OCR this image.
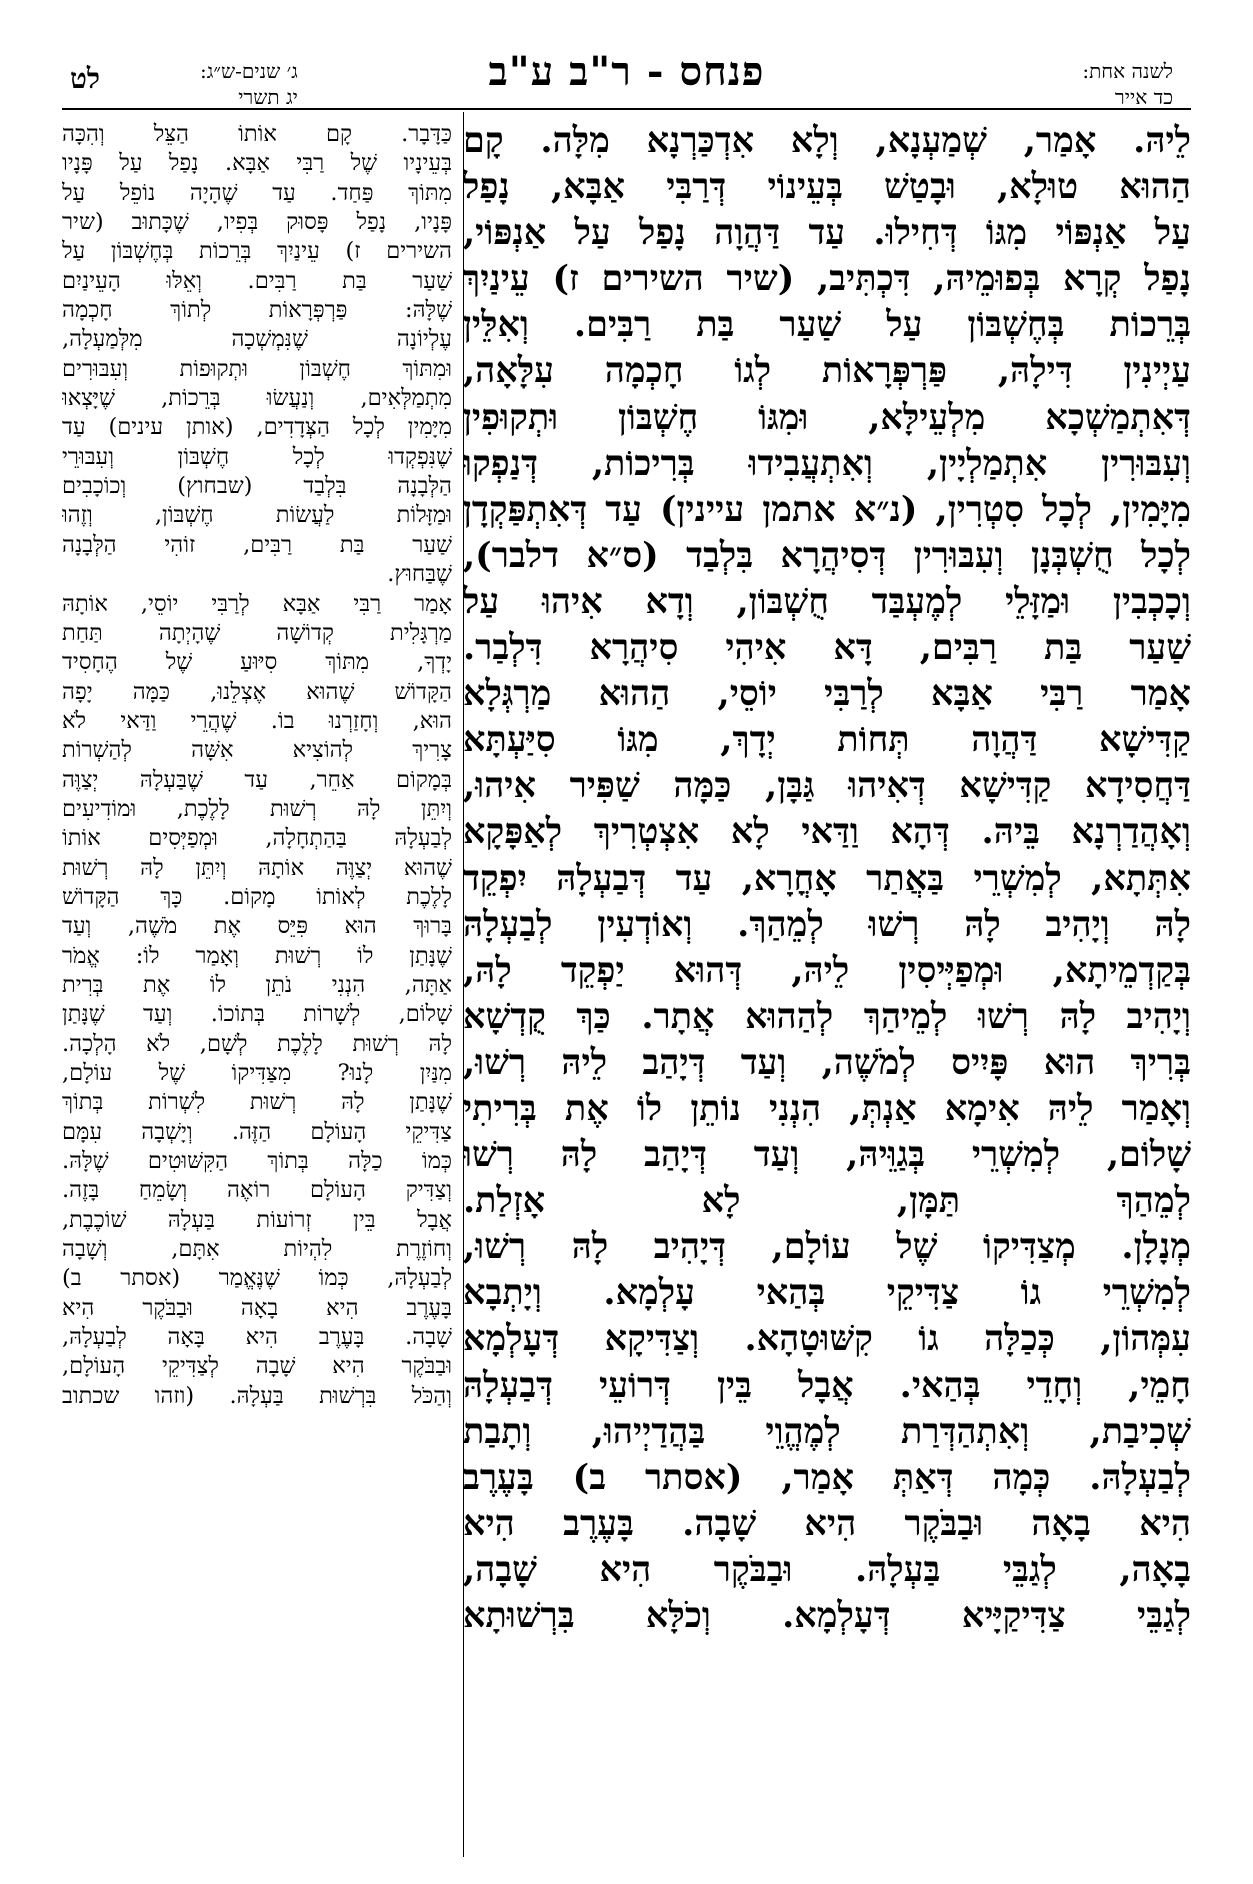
לשנה אחת:
כד אייר
פנחס - ר"ב ע"ב
ג׳ שנים-ש״ג:
יג תשרי
לט
לֵיהּ. אָמַר, שְׁמַעְנָא, וְלָא אִדְכַּרְנָא מִלָּה. קָם
הַהוּא טוּלָא, וּבָטַשׁ בְּעֵינוֹי דְּרַבִּי אַבָּא, נָפַל
עַל אַנְפּוֹי מִגּוֹ דְּחִילוּ. עַד דַּהֲוָה נָפַל עַל אַנְפּוֹי,
נָפַל קְרָא בְּפוּמֵיהּ, דִּכְתִּיב, (שיר השירים ז) עֵינַיִךְ
בְּרֵכוֹת בְּחֶשְׁבּוֹן עַל שַׁעַר בַּת רַבִּים. וְאִלֵּין
עַיְינִין דִּילָהּ, פַּרְפְּרָאוֹת לְגוֹ חָכְמָה עִלָּאָה,
דְּאִתְמַשְׁכָא מִלְעֵילָּא, וּמִגּוֹ חֶשְׁבּוֹן וּתְקוּפִין
וְעִבּוּרִין אִתְמַלְיָין, וְאִתְעֲבִידוּ בְּרִיכוֹת, דְּנַפְקוּ
מִיָּמִין, לְכָל סִטְרִין, (נ״א אתמן עיינין) עַד דְּאִתְפַּקְדָן
לְכָל חֻשְׁבְּנָן וְעִבּוּרִין דְּסִיהֲרָא בִּלְבַד (ס״א דלבר),
וְכָכְבִין וּמַזָּלֵי לְמֶעְבַּד חֻשְׁבּוֹן, וְדָא אִיהוּ עַל
שַׁעַר בַּת רַבִּים, דָּא אִיהִי סִיהֲרָא דִּלְבַר.
אָמַר רַבִּי אַבָּא לְרַבִּי יוֹסֵי, הַהוּא מַרְגְּלָא
קַדִּישָׁא דַּהֲוָה תְּחוֹת יְדָךְ, מִגּוֹ סִיַּעְתָּא
דַּחֲסִידָא קַדִּישָׁא דְּאִיהוּ גַּבָּן, כַּמָּה שַׁפִּיר אִיהוּ,
וְאָהֲדַרְנָא בֵּיהּ. דְּהָא וַדַּאי לָא אִצְטְרִיךְ לְאַפָּקָא
אִתְּתָא, לְמִשְׁרֵי בַּאֲתַר אָחֳרָא, עַד דְּבַעְלָהּ יִפְקֵד
לָהּ וְיָהִיב לָהּ רְשׁוּ לְמֵהַךְ. וְאוֹדְעִין לְבַעְלָהּ
בְּקַדְמֵיתָא, וּמְפַיְּיסִין לֵיהּ, דְּהוּא יַפְקֵד לָהּ,
וְיָהִיב לָהּ רְשׁוּ לְמֵיהַךְ לְהַהוּא אֲתָר. כַּךְ קֻדְשָׁא
בְּרִיךְ הוּא פָּיִיס לְמֹשֶׁה, וְעַד דְּיָהַב לֵיהּ רְשׁוּ,
וְאָמַר לֵיהּ אִימָא אַנְתְּ, הִנְנִי נוֹתֵן לוֹ אֶת בְּרִיתִי
שָׁלוֹם, לְמִשְׁרֵי בְּגַוֵּיהּ, וְעַד דְּיָהַב לָהּ רְשׁוּ
לְמֵהַךְ תַּמָּן, לָא אָזְלַת.
מְנָלָן. מְצַדִּיקוֹ שֶׁל עוֹלָם, דְּיָהִיב לָהּ רְשׁוּ,
לְמִשְׁרֵי גוֹ צַדִּיקֵי בְּהַאי עָלְמָא. וְיָתְבָא
עִמְּהוֹן, כְּכַלָּה גוֹ קִשּׁוּטָהָא. וְצַדִּיקָא דְּעָלְמָא
חָמֵי, וְחָדֵי בְּהַאי. אֲבָל בֵּין דְּרוֹעֵי דְּבַעְלָהּ
שְׁכִיבַת, וְאִתְהַדְּרַת לְמֶהֱוֵי בַּהֲדַיְיהוּ, וְתָבַת
לְבַעְלָהּ. כְּמָה דְּאַתְּ אָמַר, (אסתר ב) בָּעֶרֶב
הִיא בָאָה וּבַבֹּקֶר הִיא שָׁבָה. בָּעֶרֶב הִיא
בָאָה, לְגַבֵּי בַּעְלָהּ. וּבַבֹּקֶר הִיא שָׁבָה,
לְגַבֵּי צַדִּיקַיָּיא דְּעָלְמָא. וְכֹלָּא בִּרְשׁוּתָא
כַּדָּבָר. קָם אוֹתוֹ הַצֵּל וְהִכָּה
בְּעֵינָיו שֶׁל רַבִּי אַבָּא. נָפַל עַל פָּנָיו
מִתּוֹךְ פַּחַד. עַד שֶׁהָיָה נוֹפֵל עַל
פָּנָיו, נָפַל פָּסוּק בְּפִיו, שֶׁכָּתוּב (שיר
השירים ז) עֵינַיִךְ בְּרֵכוֹת בְּחֶשְׁבּוֹן עַל
שַׁעַר בַּת רַבִּים. וְאֵלּוּ הָעֵינַיִם
שֶׁלָּהּ: פַּרְפְּרָאוֹת לְתוֹךְ חָכְמָה
עֶלְיוֹנָה שֶׁנִּמְשְׁכָה מִלְּמַעְלָה,
וּמִתּוֹךְ חֶשְׁבּוֹן וּתְקוּפוֹת וְעִבּוּרִים
מִתְמַלְּאִים, וְנַעֲשׂוּ בְּרֵכוֹת, שֶׁיָּצְאוּ
מִיָּמִין לְכָל הַצְּדָדִים, (אותן עינים) עַד
שֶׁנִּפְקְדוּ לְכָל חֶשְׁבּוֹן וְעִבּוּרֵי
הַלְּבָנָה בִּלְבַד (שבחוץ) וְכוֹכָבִים
וּמַזָּלוֹת לַעֲשׂוֹת חֶשְׁבּוֹן, וְזֶהוּ
שַׁעַר בַּת רַבִּים, זוֹהִי הַלְּבָנָה
שֶׁבַּחוּץ.
אָמַר רַבִּי אַבָּא לְרַבִּי יוֹסֵי, אוֹתָהּ
מַרְגָּלִית קְדוֹשָׁה שֶׁהָיְתָה תַּחַת
יָדְךָ, מִתּוֹךְ סִיּוּעַ שֶׁל הֶחָסִיד
הַקָּדוֹשׁ שֶׁהוּא אֶצְלֵנוּ, כַּמָּה יָפָה
הוּא, וְחָזַרְנוּ בוֹ. שֶׁהֲרֵי וַדַּאי לֹא
צָרִיךְ לְהוֹצִיא אִשָּׁה לְהַשְׁרוֹת
בְּמָקוֹם אַחֵר, עַד שֶׁבַּעְלָהּ יְצַוֶּה
וְיִתֵּן לָהּ רְשׁוּת לָלֶכֶת, וּמוֹדִיעִים
לְבַעְלָהּ בַּהַתְחָלָה, וּמְפַיְּסִים אוֹתוֹ
שֶׁהוּא יְצַוֶּה אוֹתָהּ וְיִתֵּן לָהּ רְשׁוּת
לָלֶכֶת לְאוֹתוֹ מָקוֹם. כָּךְ הַקָּדוֹשׁ
בָּרוּךְ הוּא פִּיֵּס אֶת מֹשֶׁה, וְעַד
שֶׁנָּתַן לוֹ רְשׁוּת וְאָמַר לוֹ: אֱמֹר
אַתָּה, הִנְנִי נֹתֵן לוֹ אֶת בְּרִית
שָׁלוֹם, לְשָׁרוֹת בְּתוֹכוֹ. וְעַד שֶׁנָּתַן
לָהּ רְשׁוּת לָלֶכֶת לְשָׁם, לֹא הָלְכָה.
מִנַּיִן לָנוּ? מִצַּדִּיקוֹ שֶׁל עוֹלָם,
שֶׁנָּתַן לָהּ רְשׁוּת לִשְׁרוֹת בְּתוֹךְ
צַדִּיקֵי הָעוֹלָם הַזֶּה. וְיָשְׁבָה עִמָּם
כְּמוֹ כַלָּה בְּתוֹךְ הַקִּשּׁוּטִים שֶׁלָּהּ.
וְצַדִּיק הָעוֹלָם רוֹאֶה וְשָׂמֵחַ בָּזֶה.
אֲבָל בֵּין זְרוֹעוֹת בַּעְלָהּ שׁוֹכֶבֶת,
וְחוֹזֶרֶת לִהְיוֹת אִתָּם, וְשָׁבָה
לְבַעְלָהּ, כְּמוֹ שֶׁנֶּאֱמַר (אסתר ב)
בָּעֶרֶב הִיא בָאָה וּבַבֹּקֶר הִיא
שָׁבָה. בָּעֶרֶב הִיא בָּאָה לְבַעְלָהּ,
וּבַבֹּקֶר הִיא שָׁבָה לְצַדִּיקֵי הָעוֹלָם,
וְהַכֹּל בִּרְשׁוּת בַּעְלָהּ. (וזהו שכתוב
